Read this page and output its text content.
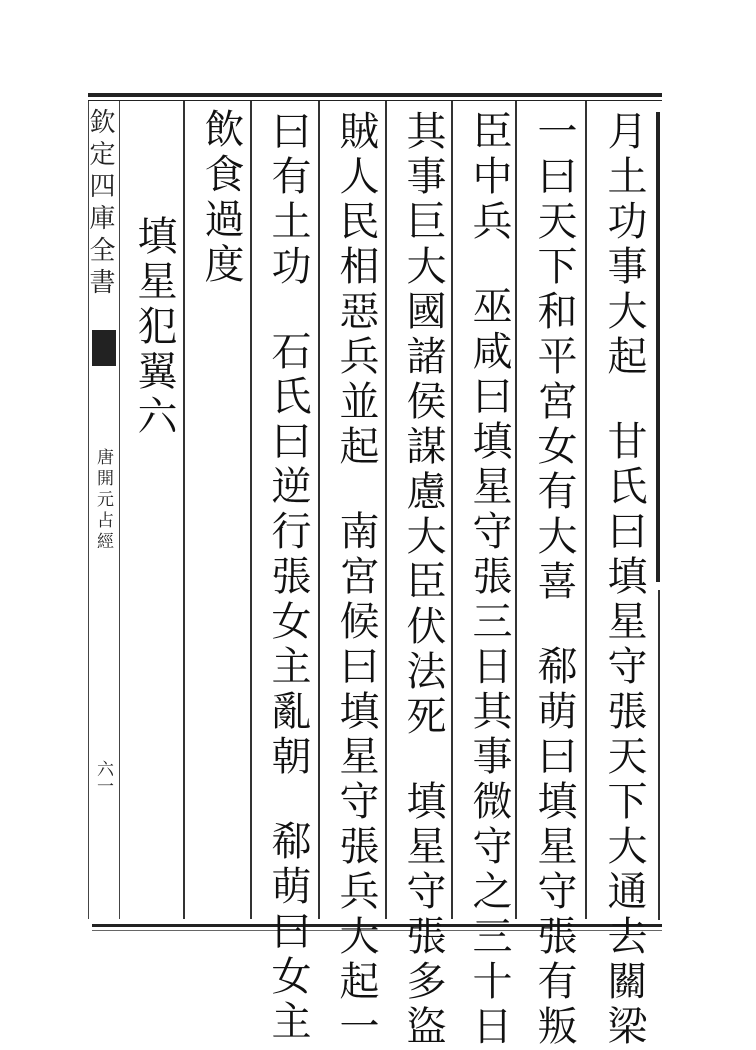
欽定四庫全書
唐開元占經
六一
月土功事大起甘氏曰填星守張天下大通去關梁
一曰天下和平宮女有大喜郗萌曰填星守張有叛
臣中兵巫咸曰填星守張三日其事微守之三十日
其事巨大國諸侯謀慮大臣伏法死填星守張多盜
賊人民相惡兵並起南宮候曰填星守張兵大起一
曰有土功石氏曰逆行張女主亂朝郗萌曰女主
飲食過度
填星犯翼六
